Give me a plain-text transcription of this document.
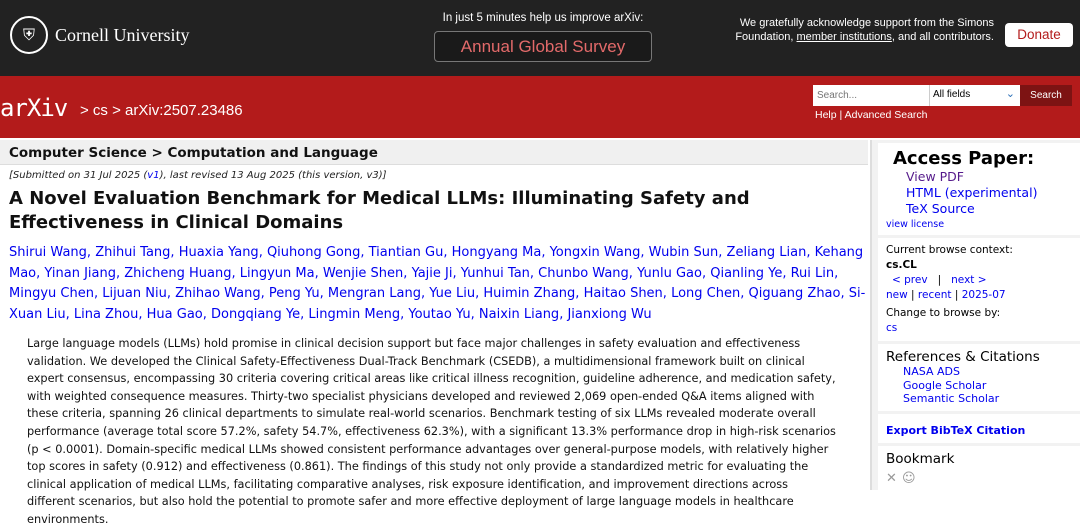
⛨	Cornell University
In just 5 minutes help us improve arXiv:
Annual Global Survey
We gratefully acknowledge support from the Simons Foundation, member institutions, and all contributors.	Donate
arXiv > cs > arXiv:2507.23486
Search...
All fields	⌄	Search
Help | Advanced Search
Computer Science > Computation and Language
[Submitted on 31 Jul 2025 (v1), last revised 13 Aug 2025 (this version, v3)]
A Novel Evaluation Benchmark for Medical LLMs: Illuminating Safety and Effectiveness in Clinical Domains
Shirui Wang, Zhihui Tang, Huaxia Yang, Qiuhong Gong, Tiantian Gu, Hongyang Ma, Yongxin Wang, Wubin Sun, Zeliang Lian, Kehang Mao, Yinan Jiang, Zhicheng Huang, Lingyun Ma, Wenjie Shen, Yajie Ji, Yunhui Tan, Chunbo Wang, Yunlu Gao, Qianling Ye, Rui Lin, Mingyu Chen, Lijuan Niu, Zhihao Wang, Peng Yu, Mengran Lang, Yue Liu, Huimin Zhang, Haitao Shen, Long Chen, Qiguang Zhao, Si-Xuan Liu, Lina Zhou, Hua Gao, Dongqiang Ye, Lingmin Meng, Youtao Yu, Naixin Liang, Jianxiong Wu

Large language models (LLMs) hold promise in clinical decision support but face major challenges in safety evaluation and effectiveness validation. We developed the Clinical Safety-Effectiveness Dual-Track Benchmark (CSEDB), a multidimensional framework built on clinical expert consensus, encompassing 30 criteria covering critical areas like critical illness recognition, guideline adherence, and medication safety, with weighted consequence measures. Thirty-two specialist physicians developed and reviewed 2,069 open-ended Q&A items aligned with these criteria, spanning 26 clinical departments to simulate real-world scenarios. Benchmark testing of six LLMs revealed moderate overall performance (average total score 57.2%, safety 54.7%, effectiveness 62.3%), with a significant 13.3% performance drop in high-risk scenarios (p < 0.0001). Domain-specific medical LLMs showed consistent performance advantages over general-purpose models, with relatively higher top scores in safety (0.912) and effectiveness (0.861). The findings of this study not only provide a standardized metric for evaluating the clinical application of medical LLMs, facilitating comparative analyses, risk exposure identification, and improvement directions across different scenarios, but also hold the potential to promote safer and more effective deployment of large language models in healthcare environments.

Access Paper:
View PDF
HTML (experimental)
TeX Source
view license
Current browse context:
cs.CL
< prev | next >
new | recent | 2025-07
Change to browse by:
cs
References & Citations
NASA ADS
Google Scholar
Semantic Scholar
Export BibTeX Citation
Bookmark
✕ ☺
